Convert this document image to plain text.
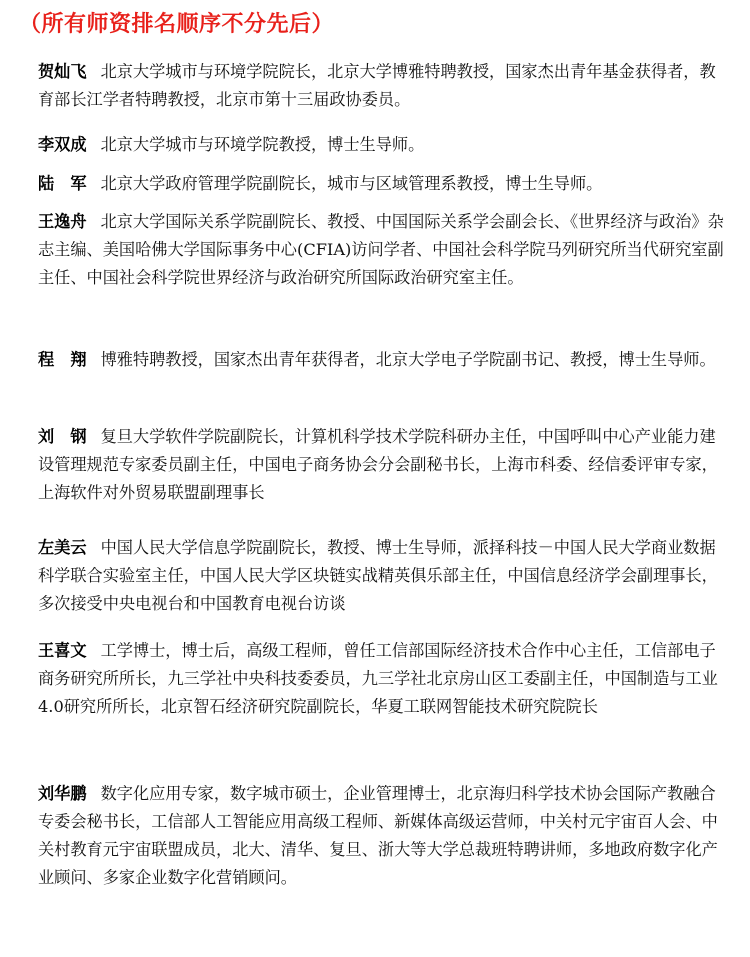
（所有师资排名顺序不分先后）
贺灿飞 北京大学城市与环境学院院长，北京大学博雅特聘教授，国家杰出青年基金获得者，教育部长江学者特聘教授，北京市第十三届政协委员。
李双成 北京大学城市与环境学院教授，博士生导师。
陆　军 北京大学政府管理学院副院长，城市与区域管理系教授，博士生导师。
王逸舟 北京大学国际关系学院副院长、教授、中国国际关系学会副会长、《世界经济与政治》杂志主编、美国哈佛大学国际事务中心(CFIA)访问学者、中国社会科学院马列研究所当代研究室副主任、中国社会科学院世界经济与政治研究所国际政治研究室主任。
程　翔 博雅特聘教授，国家杰出青年获得者，北京大学电子学院副书记、教授，博士生导师。
刘　钢 复旦大学软件学院副院长，计算机科学技术学院科研办主任，中国呼叫中心产业能力建设管理规范专家委员副主任，中国电子商务协会分会副秘书长，上海市科委、经信委评审专家，上海软件对外贸易联盟副理事长
左美云 中国人民大学信息学院副院长，教授、博士生导师，派择科技－中国人民大学商业数据科学联合实验室主任，中国人民大学区块链实战精英俱乐部主任，中国信息经济学会副理事长，多次接受中央电视台和中国教育电视台访谈
王喜文 工学博士，博士后，高级工程师，曾任工信部国际经济技术合作中心主任，工信部电子商务研究所所长，九三学社中央科技委委员，九三学社北京房山区工委副主任，中国制造与工业4.0研究所所长，北京智石经济研究院副院长，华夏工联网智能技术研究院院长
刘华鹏 数字化应用专家，数字城市硕士，企业管理博士，北京海归科学技术协会国际产教融合专委会秘书长，工信部人工智能应用高级工程师、新媒体高级运营师，中关村元宇宙百人会、中关村教育元宇宙联盟成员，北大、清华、复旦、浙大等大学总裁班特聘讲师，多地政府数字化产业顾问、多家企业数字化营销顾问。
